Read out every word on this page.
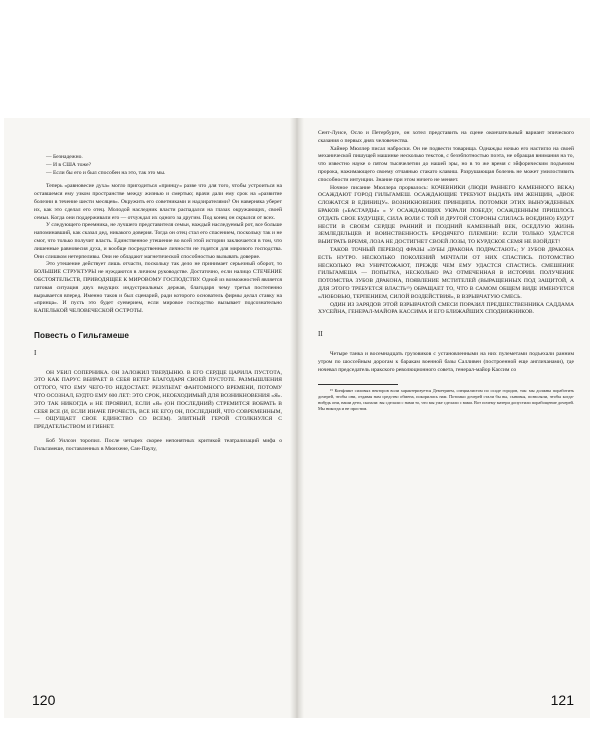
— Безнадежно.

— И в США тоже?

— Если бы его и был способен на это, так это мы.

Теперь «равновесие духа» могло пригодиться «принцу» разве что для того, чтобы устроиться на оставшемся ему узком пространстве между жизнью и смертью; врачи дали ему срок на «развитие болезни в течение шести месяцев». Окружить его советниками и надзирателями? Он наверняка уберет их, как это сделал его отец. Молодой наследник власти распадался на глазах окружающих, своей семьи. Когда они поддерживали его — отчуждал их одного за другим. Под конец он скрылся от всех.

У следующего преемника, не лучшего представителя семьи, наждый наследуемый рот, все больше напоминавший, как сказал дед, никакого доверия. Тогда он отец стал его спасением, поскольку так и не смог, что только получит власть. Единственное утешение во всей этой истории заключается в том, что лишенные равновесия духа, и вообще посредственные личности не годятся для мирового господства. Они слишком нетерпеливы. Они не обладают магнетической способностью вызывать доверие.

Это утешение действует лишь отчасти, поскольку так дело не принимает серьезный оборот, то БОЛЬШИЕ СТРУКТУРЫ не нуждаются в личном руководстве. Достаточно, если налицо СТЕЧЕНИЕ ОБСТОЯТЕЛЬСТВ, ПРИВОДЯЩЕЕ К МИРОВОМУ ГОСПОДСТВУ. Одной из возможностей является патовая ситуация двух ведущих индустриальных держав, благодаря чему третья постепенно вырывается вперед. Именно таков и был сценарий, ради которого основатель фирмы делал ставку на «принца». И пусть это будет суеверием, если мировое господство вызывает подсознательно КАПЕЛЬКОЙ ЧЕЛОВЕЧЕСКОЙ ОСТРОТЫ.

Повесть о Гильгамеше
I

ОН УБИЛ СОПЕРНИКА. ОН ЗАЛОЖИЛ ТВЕРДЫНЮ. В ЕГО СЕРДЦЕ ЦАРИЛА ПУСТОТА, ЭТО КАК ПАРУС ВБИРАЕТ В СЕБЯ ВЕТЕР БЛАГОДАРЯ СВОЕЙ ПУСТОТЕ. РАЗМЫШЛЕНИЯ ОТТОГО, ЧТО ЕМУ ЧЕГО-ТО НЕДОСТАЕТ. РЕЗУЛЬТАТ ФАНТОМНОГО ВРЕМЕНИ, ПОТОМУ ЧТО ОСОЗНАЛ, БУДТО ЕМУ 600 ЛЕТ: ЭТО СРОК, НЕОБХОДИМЫЙ ДЛЯ ВОЗНИКНОВЕНИЯ «Я». ЭТО ТАК НИКОГДА и НЕ ПРОЯВИЛ, ЕСЛИ «Я» (ОН ПОСЛЕДНИЙ) СТРЕМИТСЯ ВОБРАТЬ В СЕБЯ ВСЕ (И, ЕСЛИ ИНАЧЕ ПРОЧЕСТЬ, ВСЕ НЕ ЕГО) ОН, ПОСЛЕДНИЙ, ЧТО СОВРЕМЕННЫМ, — ОЩУЩАЕТ СВОЕ ЕДИНСТВО СО ВСЕМ). ЭЛИТНЫЙ ГЕРОЙ СТОЛКНУЛСЯ С ПРЕДАТЕЛЬСТВОМ И ГИБНЕТ.

Боб Уилсон торопил. После четырех скорее непонятных критикой театрализаций мифа о Гильгамеше, поставленных в Мюнхене, Сан-Паулу,

120

Сент-Луисе, Осло и Петербурге, он хотел представить на сцене окончательный вариант эпического сказания о первых днях человечества.

Хайнер Мюллер писал наброски. Он не подвести товарища. Однажды ночью его настигло на своей механической пишущей машинке несколько текстов, с безэбпотностью поэта, не обращая внимания на то, что известно науке о пятом тысячелетии до нашей эры, но в то же время с эйфорическим подъемом пророка, нажимающего своему отчаянью стакато клавиш. Разрушающая болезнь не может умилостивить способности интуиции. Знание при этом ничего не меняет.

Ночное писание Мюллера прорвалось: КОЧЕВНИКИ (ЛЮДИ РАННЕГО КАМЕННОГО ВЕКА) ОСАЖДАЮТ ГОРОД ГИЛЬГАМЕШ. ОСАЖДАЮЩИЕ ТРЕБУЮТ ВЫДАТЬ ИМ ЖЕНЩИН, «ДВОЕ СЛОЖАТСЯ В ЕДИНИЦУ». ВОЗНИКНОВЕНИЕ ПРИНЦИПА. ПОТОМКИ ЭТИХ ВЫНУЖДЕННЫХ БРАКОВ («БАСТАРДЫ» » У ОСАЖДАЮЩИХ УКРАЛИ ПОБЕДУ, ОСАЖДЕННЫМ ПРИШЛОСЬ ОТДАТЬ СВОЕ БУДУЩЕЕ, СИЛА ВОЛИ С ТОЙ И ДРУГОЙ СТОРОНЫ СЛИЛАСЬ ВОЕДИНО) БУДУТ НЕСТИ В СВОЕМ СЕРДЦЕ РАННИЙ И ПОЗДНИЙ КАМЕННЫЙ ВЕК, ОСЕДЛУЮ ЖИЗНЬ ЗЕМЛЕДЕЛЬЦЕВ И ВОИНСТВЕННОСТЬ БРОДЯЧЕГО ПЛЕМЕНИ: ЕСЛИ ТОЛЬКО УДАСТСЯ ВЫИГРАТЬ ВРЕМЯ, ЛОЗА НЕ ДОСТИГНЕТ СВОЕЙ ЛОЗЫ, ТО КУРДСКОЕ СЕМЯ НЕ ВЗОЙДЕТ!

ТАКОВ ТОЧНЫЙ ПЕРЕВОД ФРАЗЫ «ЗУБЫ ДРАКОНА ПОДРАСТАЮТ»; У ЗУБОВ ДРАКОНА ЕСТЬ НУТРО. НЕСКОЛЬКО ПОКОЛЕНИЙ МЕЧТАЛИ ОТ НИХ СПАСТИСЬ. ПОТОМСТВО НЕСКОЛЬКО РАЗ УНИЧТОЖАЮТ, ПРЕЖДЕ ЧЕМ ЕМУ УДАСТСЯ СПАСТИСЬ. СМЕШЕНИЕ ГИЛЬГАМЕША — ПОПЫТКА, НЕСКОЛЬКО РАЗ ОТМЕЧЕННАЯ В ИСТОРИИ. ПОЛУЧЕНИЕ ПОТОМСТВА ЗУБОВ ДРАКОНА, ПОЯВЛЕНИЕ МСТИТЕЛЕЙ (ВЫРАЩЕННЫХ ПОД ЗАЩИТОЙ, А ДЛЯ ЭТОГО ТРЕБУЕТСЯ ВЛАСТЬ¹⁵) ОБРАЩАЕТ ТО, ЧТО В САМОМ ОБЩЕМ ВИДЕ ИМЕНУЕТСЯ «ЛЮБОВЬЮ, ТЕРПЕНИЕМ, СИЛОЙ ВОЗДЕЙСТВИЯ», В ВЗРЫВЧАТУЮ СМЕСЬ.

ОДИН ИЗ ЗАРЯДОВ ЭТОЙ ВЗРЫВЧАТОЙ СМЕСИ ПОРАЗИЛ ПРЕДШЕСТВЕННИКА САДДАМА ХУСЕЙНА, ГЕНЕРАЛ-МАЙОРА КАССИМА И ЕГО БЛИЖАЙШИХ СПОДВИЖНИКОВ.

II

Четыре танка и восемнадцать грузовиков с установленными на них пулеметами подъехали ранним утром по шоссейным дорогам к баракам военной базы Салливен (построенной еще англичанами), где ночевал председатель иракского революционного совета, генерал-майор Кассим со

¹⁵ Конфликт силовых векторов воли характеризуется Деметрием, специалистом по осаде городов, так: мы должны поработить дочерей, чтобы они, отдавая нам средство обмена, покорились нам. Потомки дочерей стали бы вы, сыновья, позволяли, чтобы когда-нибудь они, наши дети, сказали: вы сделали с нами то, что мы уже сделали с вами. Вот почему матери допустили порабощение дочерей. Мы никогда и не простим.

121
